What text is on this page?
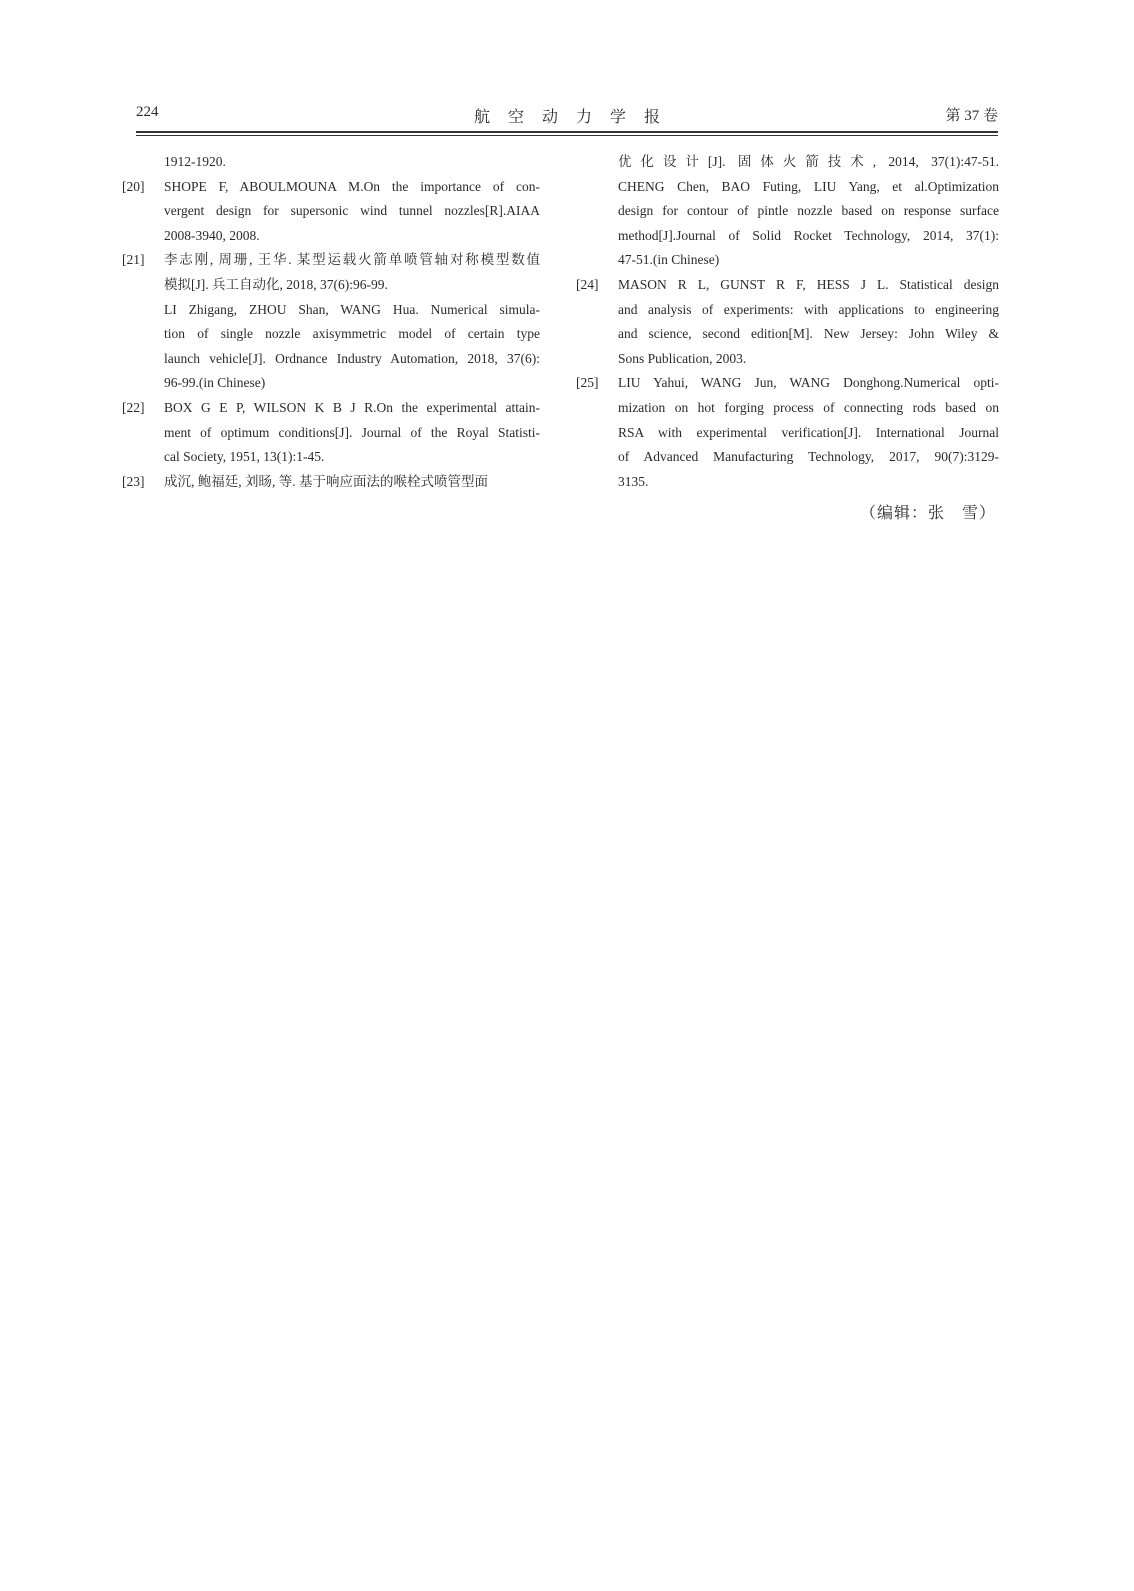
224	航空动力学报	第 37 卷
1912-1920.
[20] SHOPE F, ABOULMOUNA M.On the importance of con-
vergent design for supersonic wind tunnel nozzles[R].AIAA
2008-3940, 2008.
[21] 李志刚, 周珊, 王华. 某型运载火箭单喷管轴对称模型数值
模拟[J]. 兵工自动化, 2018, 37(6):96-99.
LI Zhigang, ZHOU Shan, WANG Hua. Numerical simula-
tion of single nozzle axisymmetric model of certain type
launch vehicle[J]. Ordnance Industry Automation, 2018, 37(6):
96-99.(in Chinese)
[22] BOX G E P, WILSON K B J R.On the experimental attain-
ment of optimum conditions[J]. Journal of the Royal Statisti-
cal Society, 1951, 13(1):1-45.
[23] 成沉, 鲍福廷, 刘旸, 等. 基于响应面法的喉栓式喷管型面
优化设计[J]. 固体火箭技术, 2014, 37(1):47-51.
CHENG Chen, BAO Futing, LIU Yang, et al.Optimization
design for contour of pintle nozzle based on response surface
method[J].Journal of Solid Rocket Technology, 2014, 37(1):
47-51.(in Chinese)
[24] MASON R L, GUNST R F, HESS J L. Statistical design
and analysis of experiments: with applications to engineering
and science, second edition[M]. New Jersey: John Wiley &
Sons Publication, 2003.
[25] LIU Yahui, WANG Jun, WANG Donghong.Numerical opti-
mization on hot forging process of connecting rods based on
RSA with experimental verification[J]. International Journal
of Advanced Manufacturing Technology, 2017, 90(7):3129-
3135.
（编辑：张　雪）
